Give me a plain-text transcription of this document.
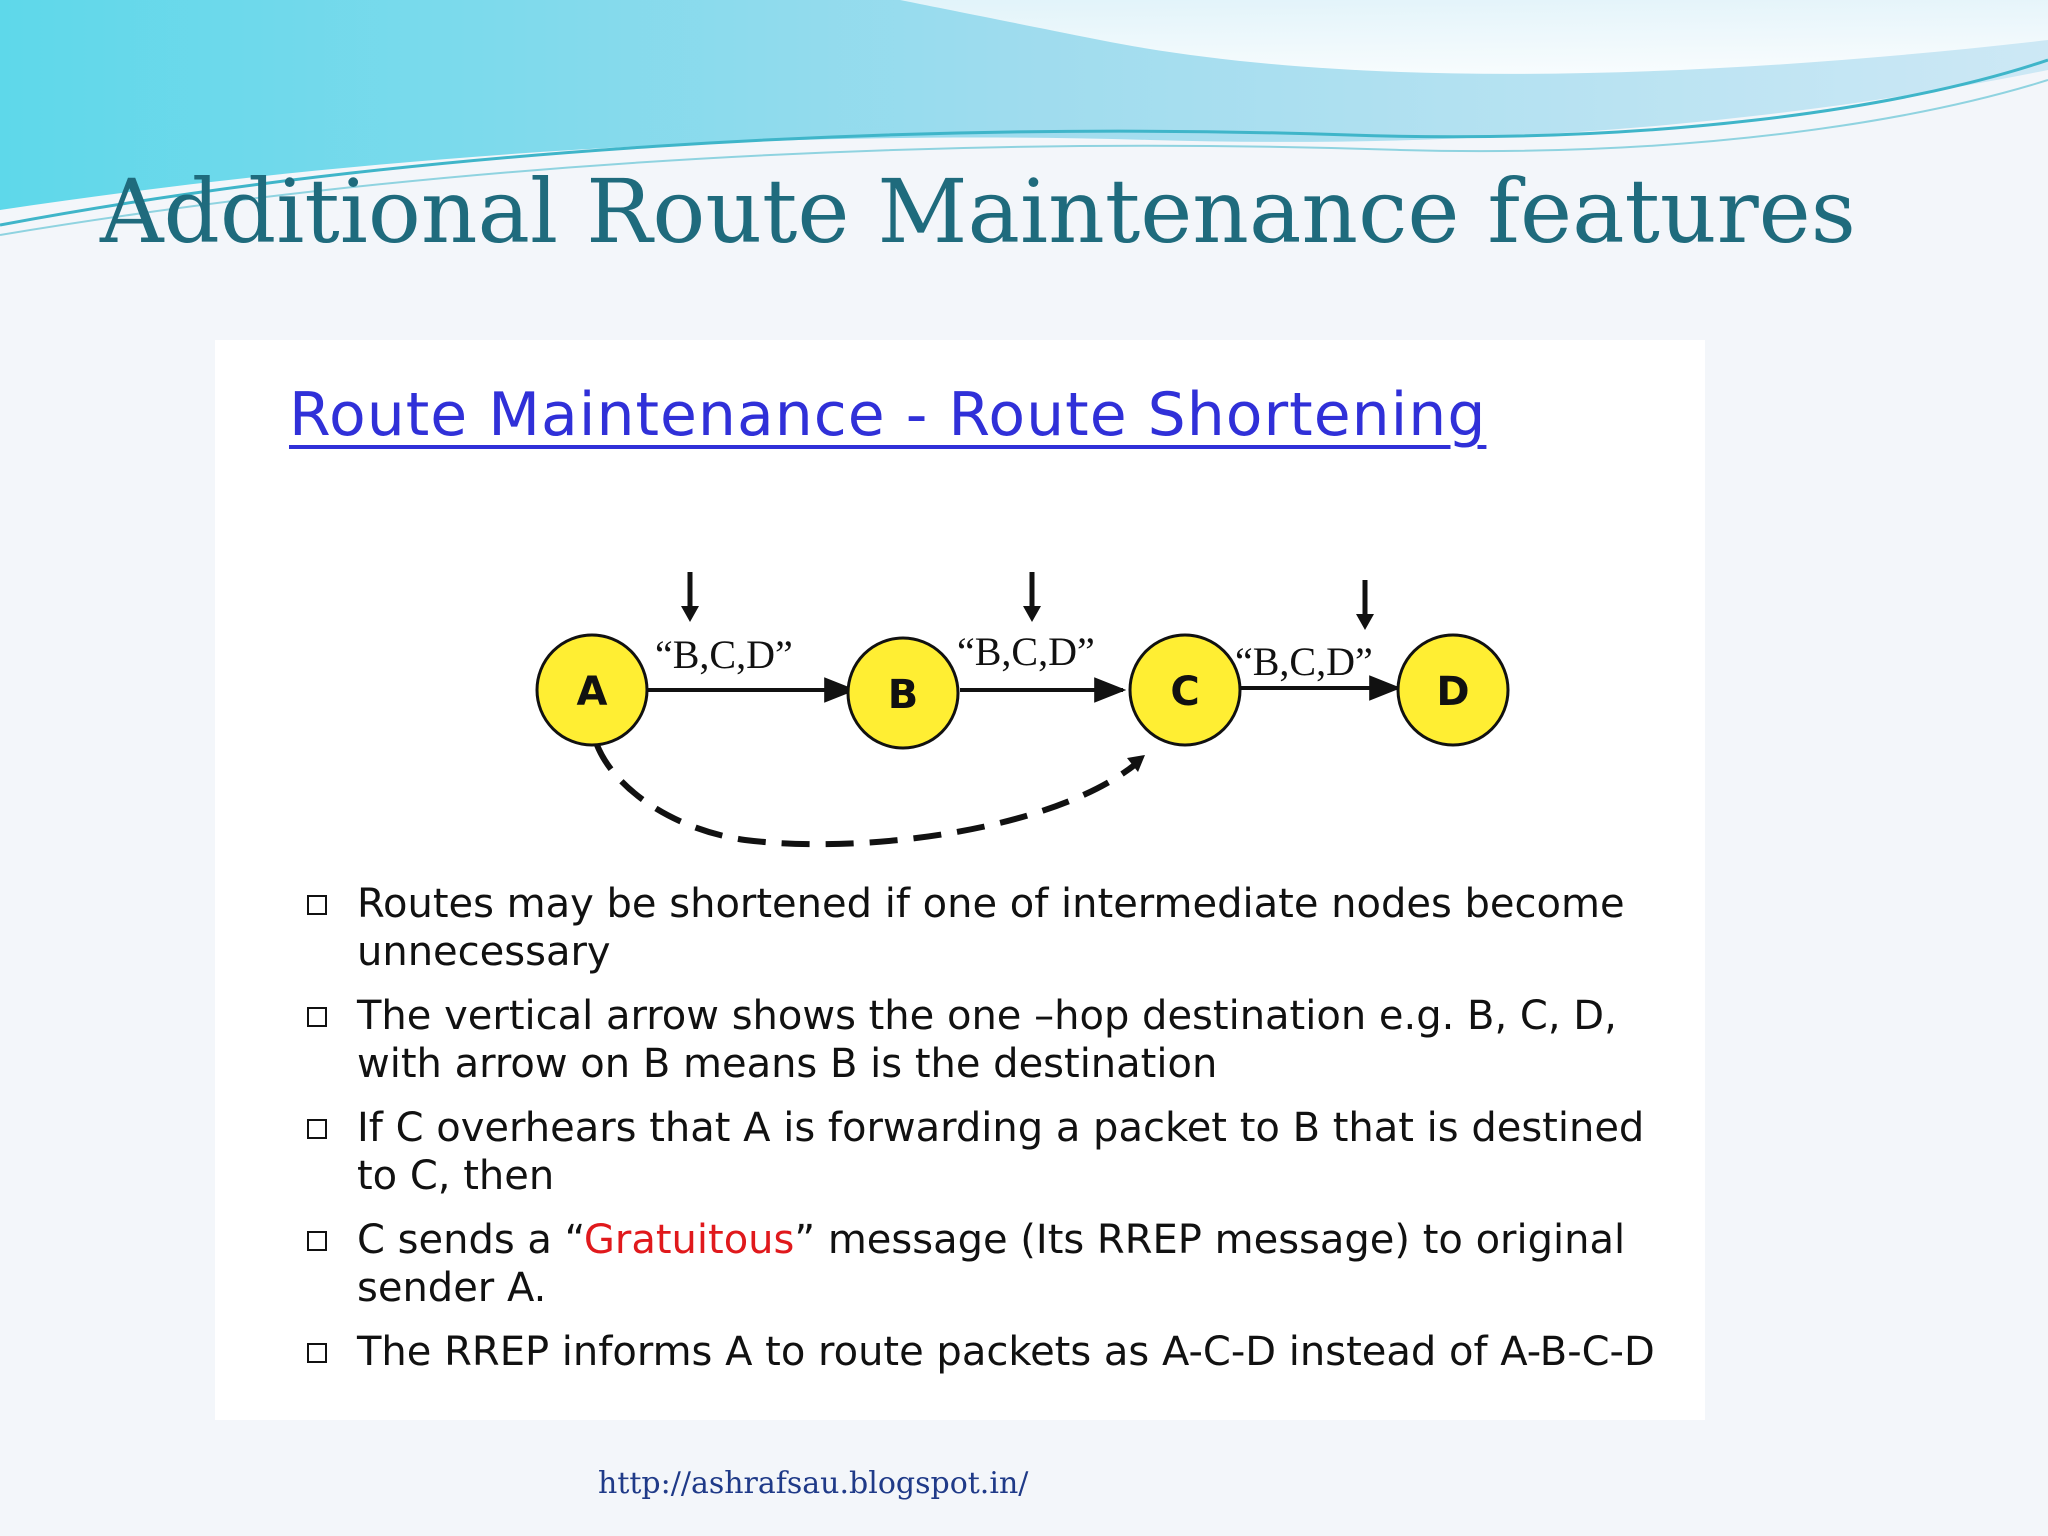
Additional Route Maintenance features
Route Maintenance - Route Shortening
“B,C,D”	“B,C,D”	“B,C,D”
A	B	C	D
Routes may be shortened if one of intermediate nodes become unnecessary
The vertical arrow shows the one –hop destination e.g. B, C, D, with arrow on B means B is the destination
If C overhears that A is forwarding a packet to B that is destined to C, then
C sends a “Gratuitous” message (Its RREP message) to original sender A.
The RREP informs A to route packets as A-C-D instead of A-B-C-D
http://ashrafsau.blogspot.in/
